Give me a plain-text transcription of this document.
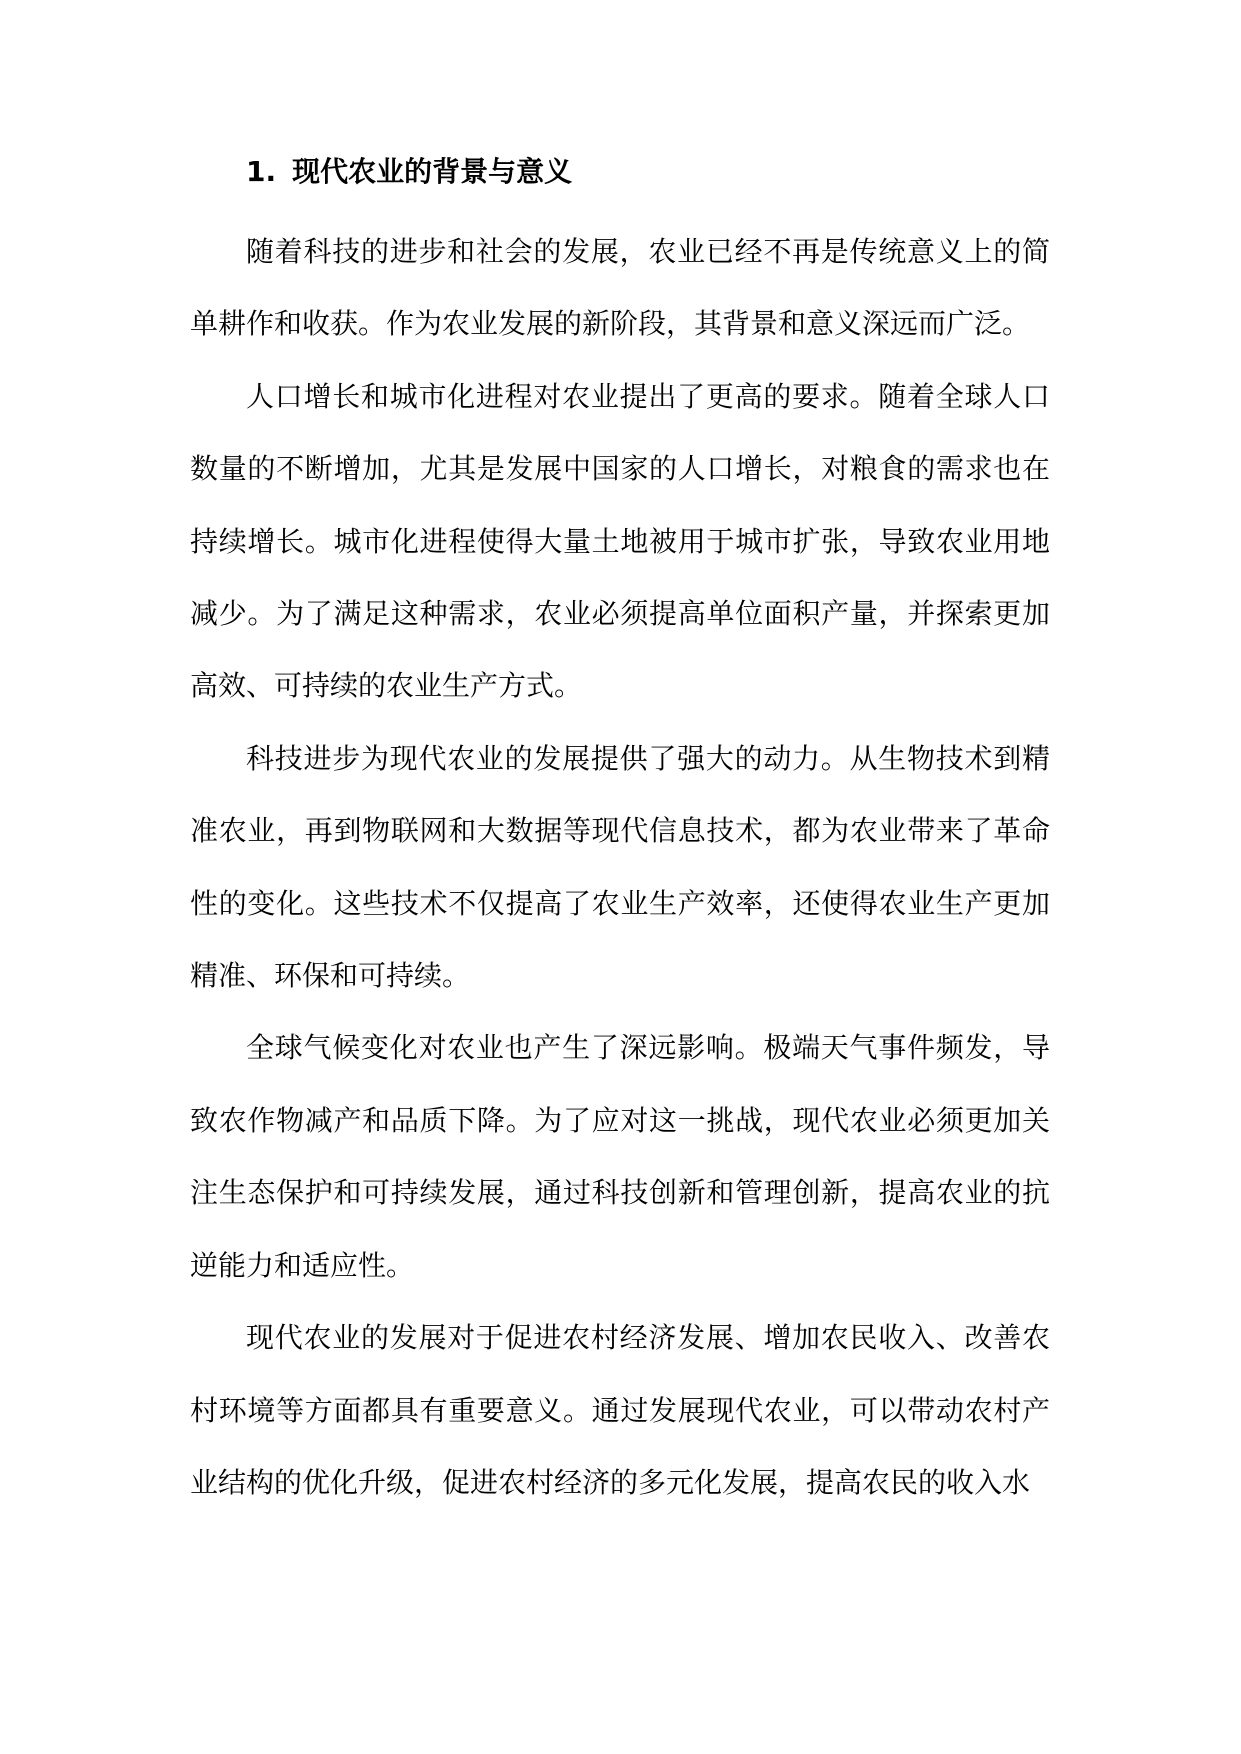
1. 现代农业的背景与意义

随着科技的进步和社会的发展，农业已经不再是传统意义上的简单耕作和收获。作为农业发展的新阶段，其背景和意义深远而广泛。

人口增长和城市化进程对农业提出了更高的要求。随着全球人口数量的不断增加，尤其是发展中国家的人口增长，对粮食的需求也在持续增长。城市化进程使得大量土地被用于城市扩张，导致农业用地减少。为了满足这种需求，农业必须提高单位面积产量，并探索更加高效、可持续的农业生产方式。

科技进步为现代农业的发展提供了强大的动力。从生物技术到精准农业，再到物联网和大数据等现代信息技术，都为农业带来了革命性的变化。这些技术不仅提高了农业生产效率，还使得农业生产更加精准、环保和可持续。

全球气候变化对农业也产生了深远影响。极端天气事件频发，导致农作物减产和品质下降。为了应对这一挑战，现代农业必须更加关注生态保护和可持续发展，通过科技创新和管理创新，提高农业的抗逆能力和适应性。

现代农业的发展对于促进农村经济发展、增加农民收入、改善农村环境等方面都具有重要意义。通过发展现代农业，可以带动农村产业结构的优化升级，促进农村经济的多元化发展，提高农民的收入水
